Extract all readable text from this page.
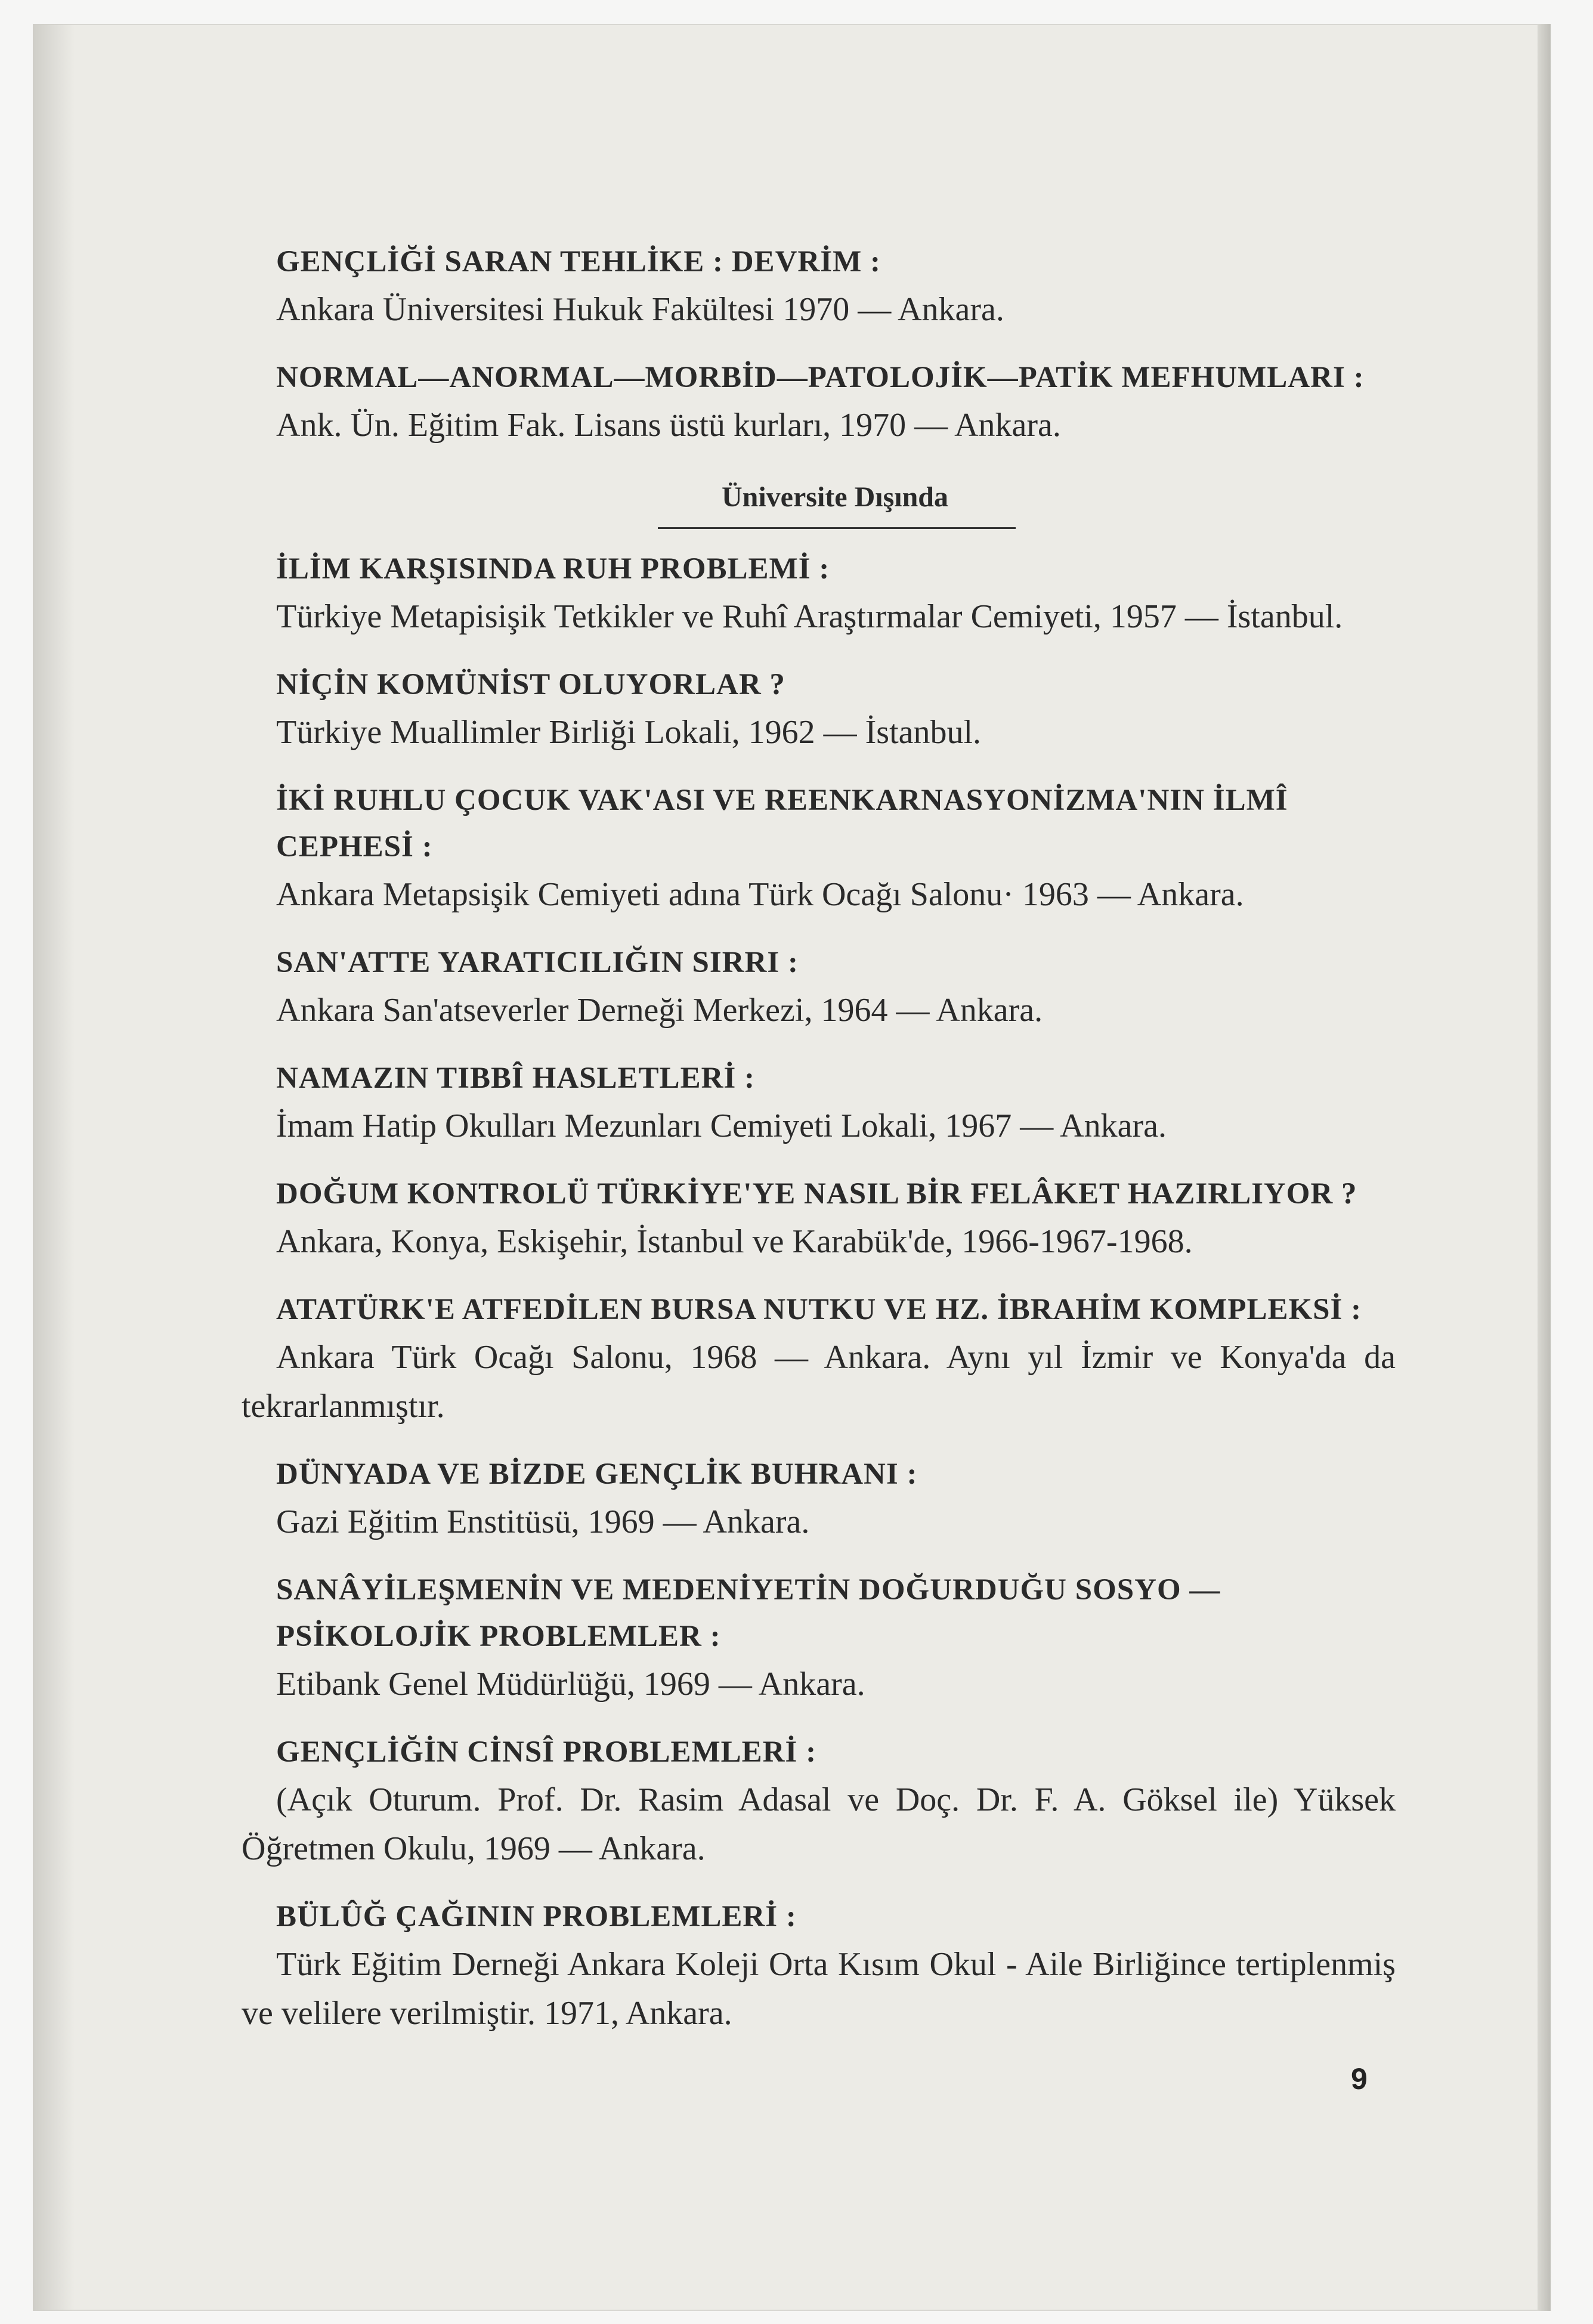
GENÇLİĞİ SARAN TEHLİKE : DEVRİM :
Ankara Üniversitesi Hukuk Fakültesi 1970 — Ankara.
NORMAL—ANORMAL—MORBİD—PATOLOJİK—PATİK MEFHUMLARI :
Ank. Ün. Eğitim Fak. Lisans üstü kurları, 1970 — Ankara.
Üniversite Dışında
İLİM KARŞISINDA RUH PROBLEMİ :
Türkiye Metapisişik Tetkikler ve Ruhî Araştırmalar Cemiyeti, 1957 — İstanbul.
NİÇİN KOMÜNİST OLUYORLAR ?
Türkiye Muallimler Birliği Lokali, 1962 — İstanbul.
İKİ RUHLU ÇOCUK VAK'ASI VE REENKARNASYONİZMA'NIN İLMÎ CEPHESİ :
Ankara Metapsişik Cemiyeti adına Türk Ocağı Salonu· 1963 — Ankara.
SAN'ATTE YARATICILIĞIN SIRRI :
Ankara San'atseverler Derneği Merkezi, 1964 — Ankara.
NAMAZIN TIBBÎ HASLETLERİ :
İmam Hatip Okulları Mezunları Cemiyeti Lokali, 1967 — Ankara.
DOĞUM KONTROLÜ TÜRKİYE'YE NASIL BİR FELÂKET HAZIRLIYOR ?
Ankara, Konya, Eskişehir, İstanbul ve Karabük'de, 1966-1967-1968.
ATATÜRK'E ATFEDİLEN BURSA NUTKU VE HZ. İBRAHİM KOMPLEKSİ :
Ankara Türk Ocağı Salonu, 1968 — Ankara. Aynı yıl İzmir ve Konya'da da tekrarlanmıştır.
DÜNYADA VE BİZDE GENÇLİK BUHRANI :
Gazi Eğitim Enstitüsü, 1969 — Ankara.
SANÂYİLEŞMENİN VE MEDENİYETİN DOĞURDUĞU SOSYO — PSİKOLOJİK PROBLEMLER :
Etibank Genel Müdürlüğü, 1969 — Ankara.
GENÇLİĞİN CİNSÎ PROBLEMLERİ :
(Açık Oturum. Prof. Dr. Rasim Adasal ve Doç. Dr. F. A. Göksel ile) Yüksek Öğretmen Okulu, 1969 — Ankara.
BÜLÛĞ ÇAĞININ PROBLEMLERİ :
Türk Eğitim Derneği Ankara Koleji Orta Kısım Okul - Aile Birliğince tertiplenmiş ve velilere verilmiştir. 1971, Ankara.
9
